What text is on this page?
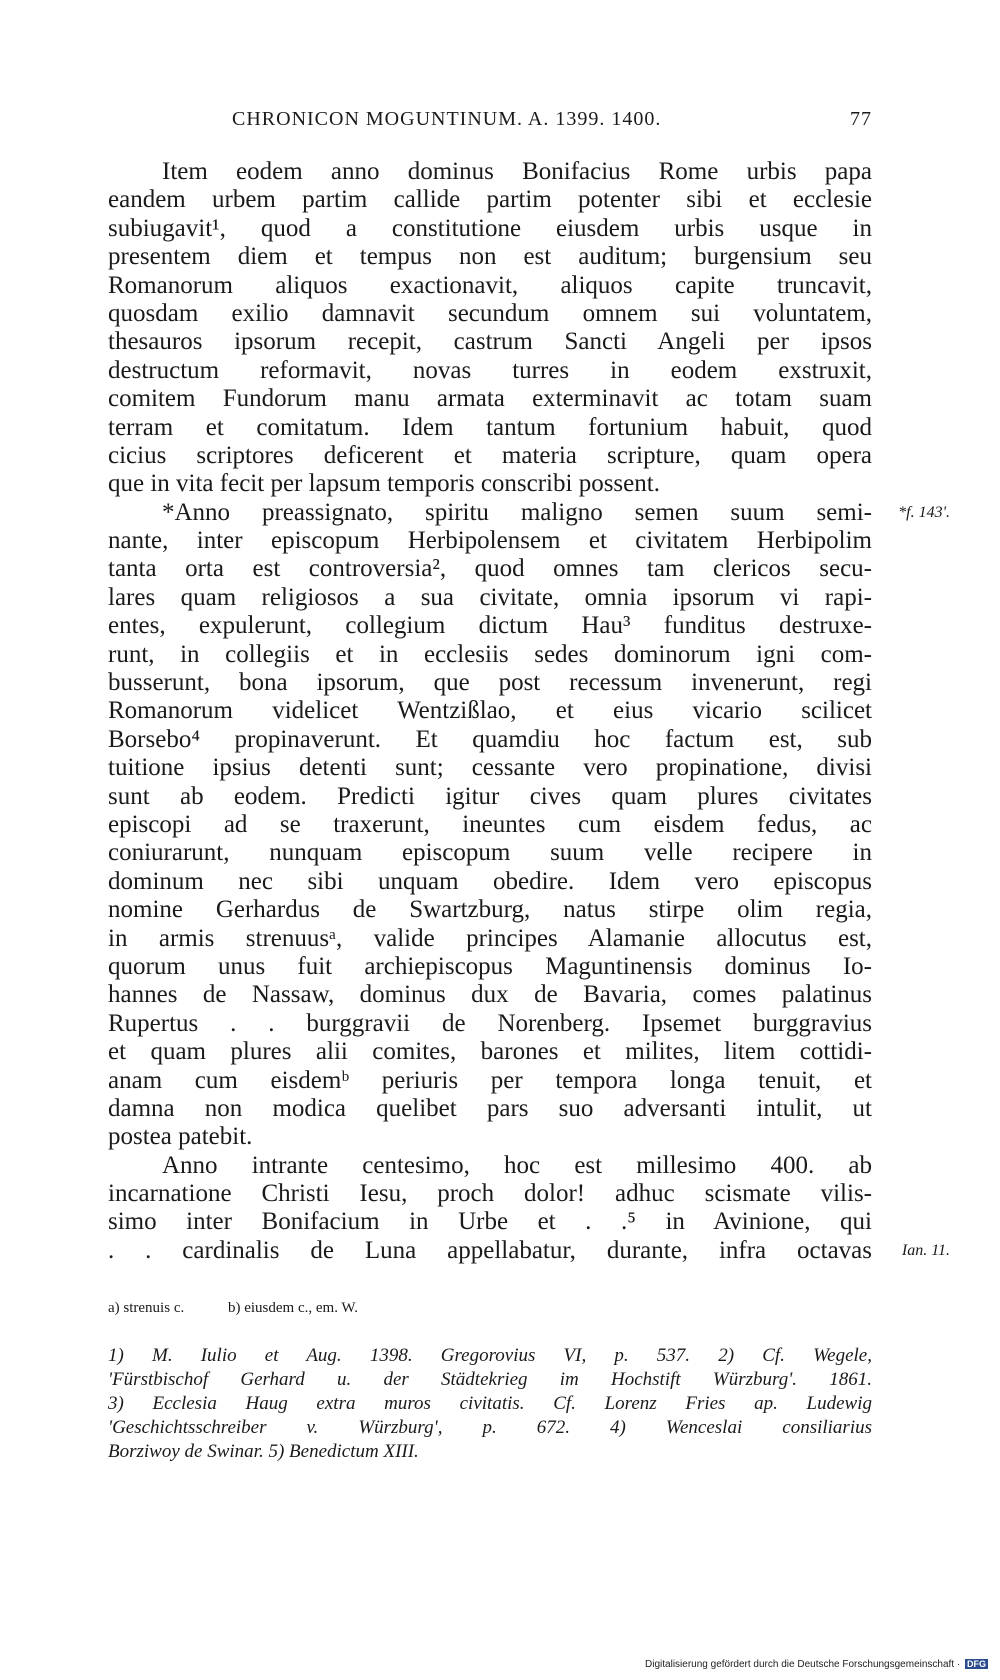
CHRONICON MOGUNTINUM. A. 1399. 1400.	77
Item eodem anno dominus Bonifacius Rome urbis papa
eandem urbem partim callide partim potenter sibi et ecclesie
subiugavit¹, quod a constitutione eiusdem urbis usque in
presentem diem et tempus non est auditum; burgensium seu
Romanorum aliquos exactionavit, aliquos capite truncavit,
quosdam exilio damnavit secundum omnem sui voluntatem,
thesauros ipsorum recepit, castrum Sancti Angeli per ipsos
destructum reformavit, novas turres in eodem exstruxit,
comitem Fundorum manu armata exterminavit ac totam suam
terram et comitatum. Idem tantum fortunium habuit, quod
cicius scriptores deficerent et materia scripture, quam opera
que in vita fecit per lapsum temporis conscribi possent.
*Anno preassignato, spiritu maligno semen suum semi- *f. 143'.
nante, inter episcopum Herbipolensem et civitatem Herbipolim
tanta orta est controversia², quod omnes tam clericos secu-
lares quam religiosos a sua civitate, omnia ipsorum vi rapi-
entes, expulerunt, collegium dictum Hau³ funditus destruxe-
runt, in collegiis et in ecclesiis sedes dominorum igni com-
busserunt, bona ipsorum, que post recessum invenerunt, regi
Romanorum videlicet Wentzißlao, et eius vicario scilicet
Borsebo⁴ propinaverunt. Et quamdiu hoc factum est, sub
tuitione ipsius detenti sunt; cessante vero propinatione, divisi
sunt ab eodem. Predicti igitur cives quam plures civitates
episcopi ad se traxerunt, ineuntes cum eisdem fedus, ac
coniurarunt, nunquam episcopum suum velle recipere in
dominum nec sibi unquam obedire. Idem vero episcopus
nomine Gerhardus de Swartzburg, natus stirpe olim regia,
in armis strenuusᵃ, valide principes Alamanie allocutus est,
quorum unus fuit archiepiscopus Maguntinensis dominus Io-
hannes de Nassaw, dominus dux de Bavaria, comes palatinus
Rupertus . . burggravii de Norenberg. Ipsemet burggravius
et quam plures alii comites, barones et milites, litem cottidi-
anam cum eisdemᵇ periuris per tempora longa tenuit, et
damna non modica quelibet pars suo adversanti intulit, ut
postea patebit.
Anno intrante centesimo, hoc est millesimo 400. ab
incarnatione Christi Iesu, proch dolor! adhuc scismate vilis-
simo inter Bonifacium in Urbe et . .⁵ in Avinione, qui
. . cardinalis de Luna appellabatur, durante, infra octavas Ian. 11.
a) strenuis c.	b) eiusdem c., em. W.
1) M. Iulio et Aug. 1398. Gregorovius VI, p. 537. 2) Cf. Wegele,
'Fürstbischof Gerhard u. der Städtekrieg im Hochstift Würzburg'. 1861.
3) Ecclesia Haug extra muros civitatis. Cf. Lorenz Fries ap. Ludewig
'Geschichtsschreiber v. Würzburg', p. 672. 4) Wenceslai consiliarius
Borziwoy de Swinar. 5) Benedictum XIII.
Digitalisierung gefördert durch die Deutsche Forschungsgemeinschaft · DFG
